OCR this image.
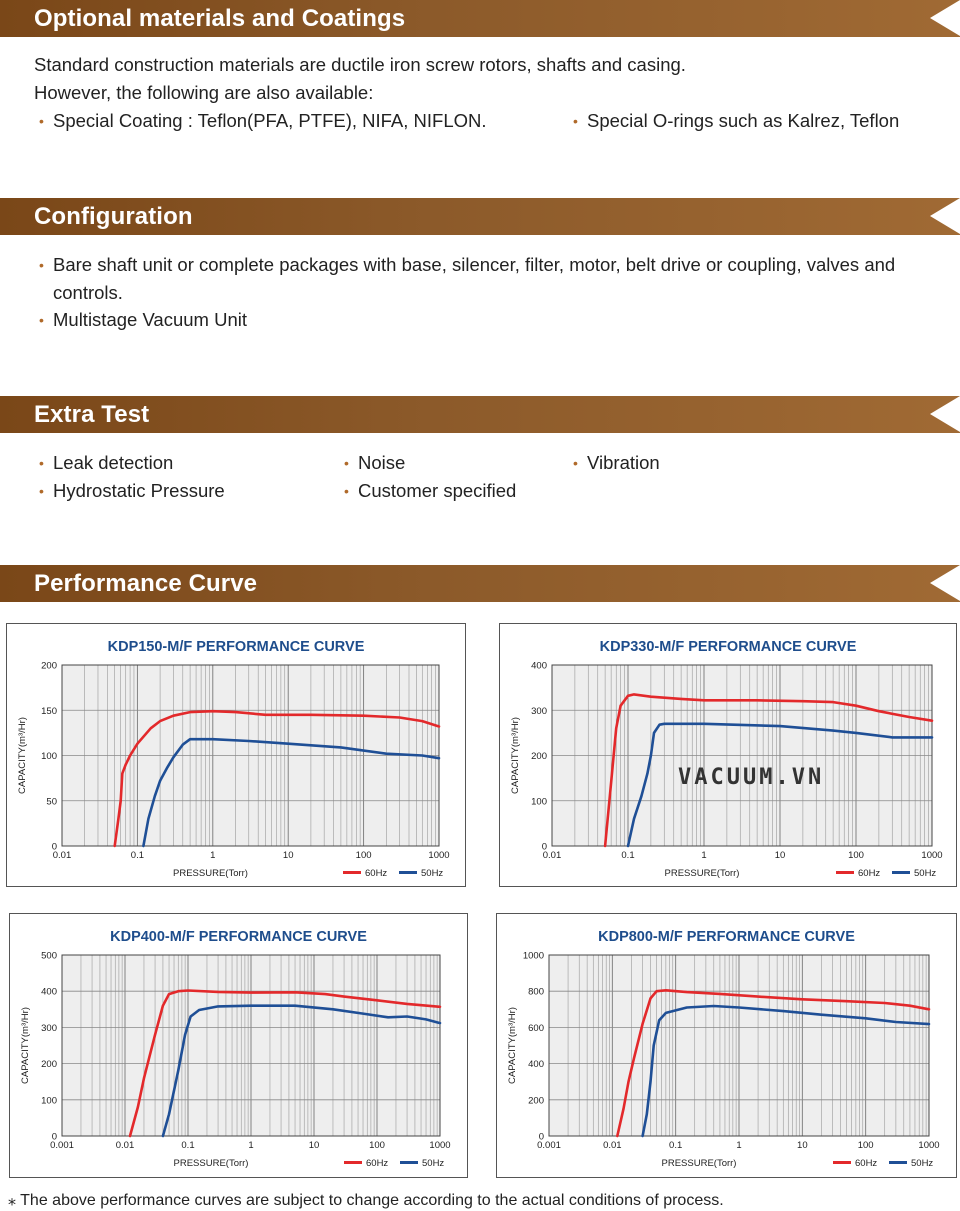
Optional materials and Coatings
Standard construction materials are ductile iron screw rotors, shafts and casing.
However, the following are also available:
• Special Coating : Teflon(PFA, PTFE), NIFA, NIFLON.	• Special O-rings such as Kalrez, Teflon
Configuration
• Bare shaft unit or complete packages with base, silencer, filter, motor, belt drive or coupling, valves and
controls.
• Multistage Vacuum Unit
Extra Test
• Leak detection	• Noise	• Vibration
• Hydrostatic Pressure	• Customer specified
Performance Curve
KDP150-M/F PERFORMANCE CURVE
0
50
100
150
200
0.01	0.1	1	10	100	1000
PRESSURE(Torr)
CAPACITY(m³/Hr)
60Hz	50Hz
KDP330-M/F PERFORMANCE CURVE
0
100
200
300
400
0.01	0.1	1	10	100	1000
PRESSURE(Torr)
CAPACITY(m³/Hr)
60Hz	50Hz
KDP400-M/F PERFORMANCE CURVE
0
100
200
300
400
500
0.001	0.01	0.1	1	10	100	1000
PRESSURE(Torr)
CAPACITY(m³/Hr)
60Hz	50Hz
KDP800-M/F PERFORMANCE CURVE
0
200
400
600
800
1000
0.001	0.01	0.1	1	10	100	1000
PRESSURE(Torr)
CAPACITY(m³/Hr)
60Hz	50Hz
VACUUM.VN
⁎ The above performance curves are subject to change according to the actual conditions of process.
